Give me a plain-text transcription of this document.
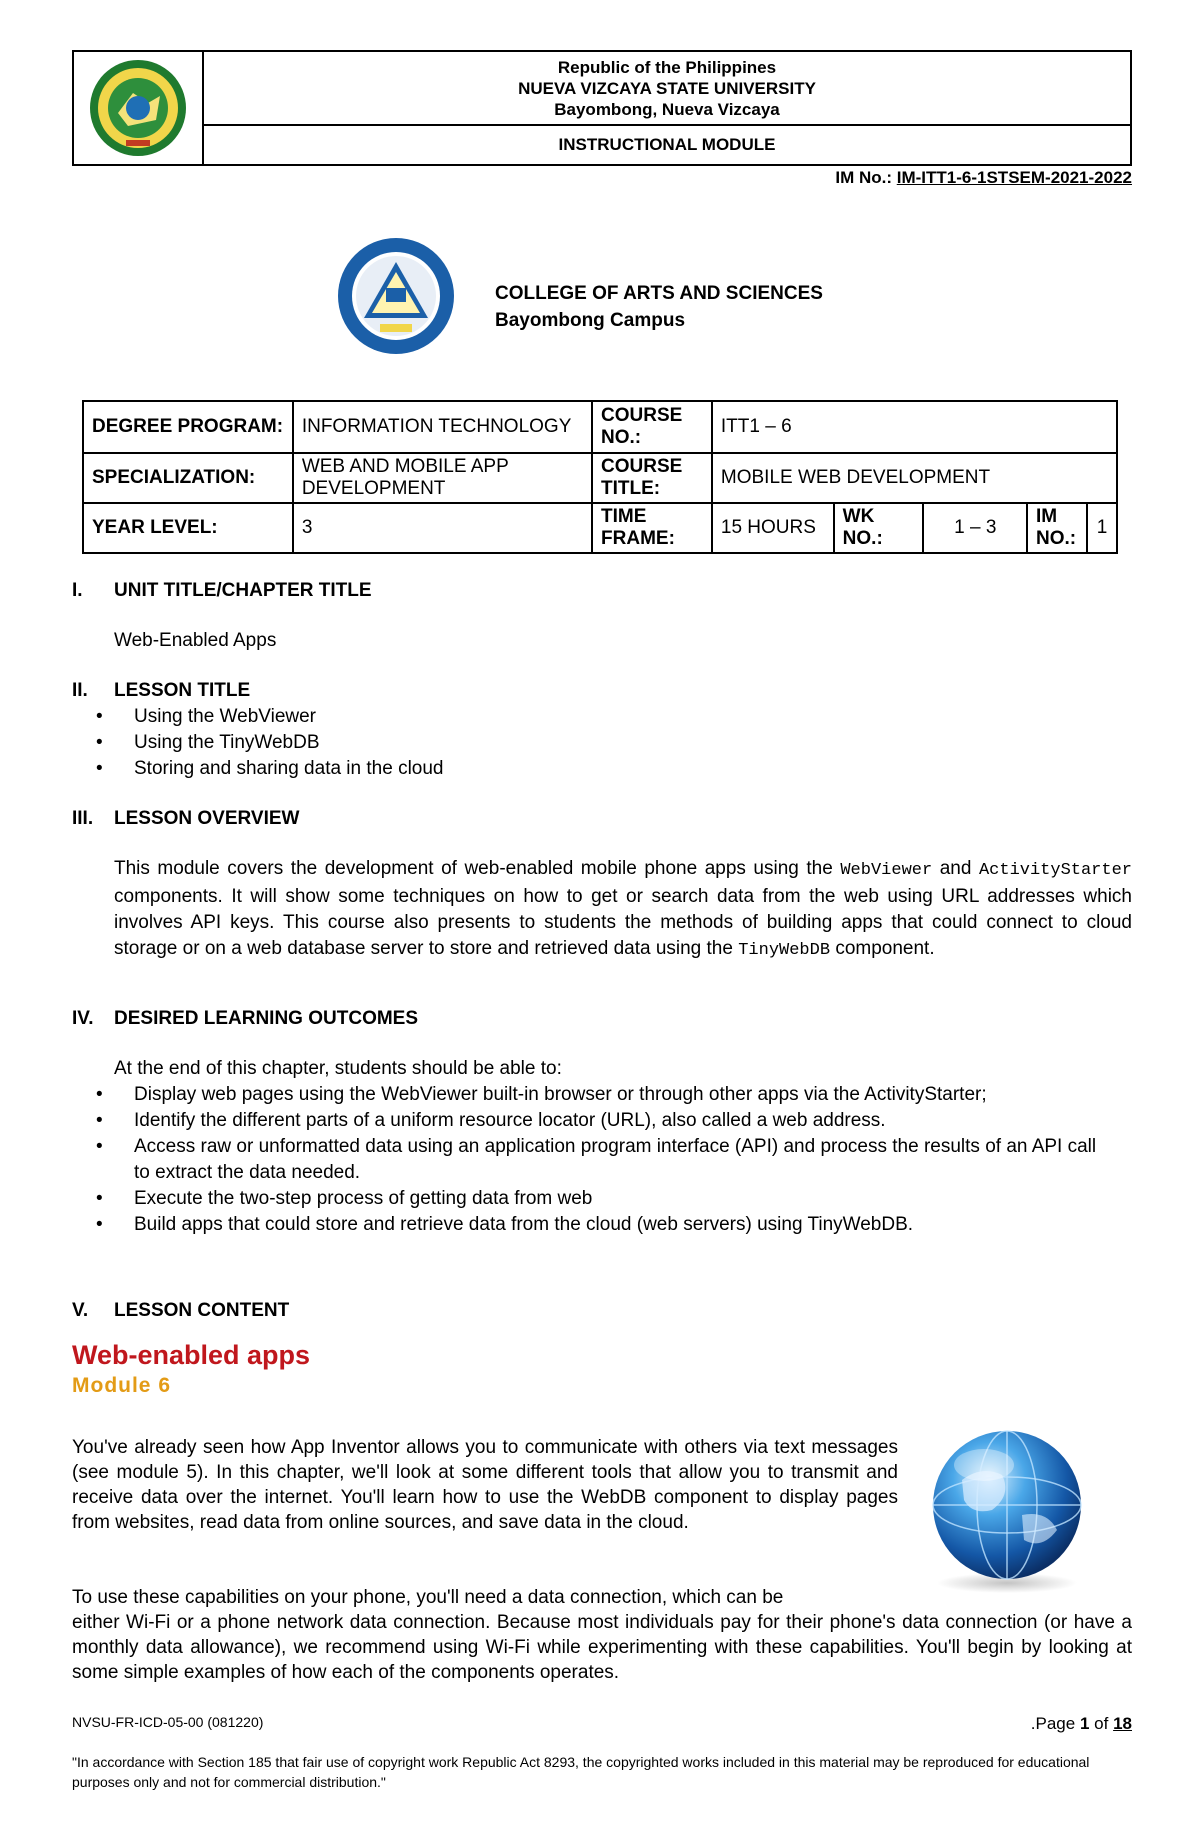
Republic of the Philippines
NUEVA VIZCAYA STATE UNIVERSITY
Bayombong, Nueva Vizcaya
INSTRUCTIONAL MODULE
IM No.: IM-ITT1-6-1STSEM-2021-2022
COLLEGE OF ARTS AND SCIENCES
Bayombong Campus
DEGREE PROGRAM:	INFORMATION TECHNOLOGY	COURSE NO.:	ITT1 – 6				
SPECIALIZATION:	WEB AND MOBILE APP DEVELOPMENT	COURSE TITLE:	MOBILE WEB DEVELOPMENT				
YEAR LEVEL:	3	TIME FRAME:	15 HOURS	WK NO.:	1 – 3	IM NO.:	1
I.	UNIT TITLE/CHAPTER TITLE
Web-Enabled Apps
II.	LESSON TITLE
• Using the WebViewer
• Using the TinyWebDB
• Storing and sharing data in the cloud
III.	LESSON OVERVIEW
This module covers the development of web-enabled mobile phone apps using the WebViewer and ActivityStarter components. It will show some techniques on how to get or search data from the web using URL addresses which involves API keys. This course also presents to students the methods of building apps that could connect to cloud storage or on a web database server to store and retrieved data using the TinyWebDB component.
IV.	DESIRED LEARNING OUTCOMES
At the end of this chapter, students should be able to:
• Display web pages using the WebViewer built-in browser or through other apps via the ActivityStarter;
• Identify the different parts of a uniform resource locator (URL), also called a web address.
• Access raw or unformatted data using an application program interface (API) and process the results of an API call to extract the data needed.
• Execute the two-step process of getting data from web
• Build apps that could store and retrieve data from the cloud (web servers) using TinyWebDB.
V.	LESSON CONTENT
Web-enabled apps
Module 6
You've already seen how App Inventor allows you to communicate with others via text messages (see module 5). In this chapter, we'll look at some different tools that allow you to transmit and receive data over the internet. You'll learn how to use the WebDB component to display pages from websites, read data from online sources, and save data in the cloud.
To use these capabilities on your phone, you'll need a data connection, which can be
either Wi-Fi or a phone network data connection. Because most individuals pay for their phone's data connection (or have a monthly data allowance), we recommend using Wi-Fi while experimenting with these capabilities. You'll begin by looking at some simple examples of how each of the components operates.
NVSU-FR-ICD-05-00 (081220)	.Page 1 of 18
"In accordance with Section 185 that fair use of copyright work Republic Act 8293, the copyrighted works included in this material may be reproduced for educational purposes only and not for commercial distribution."
